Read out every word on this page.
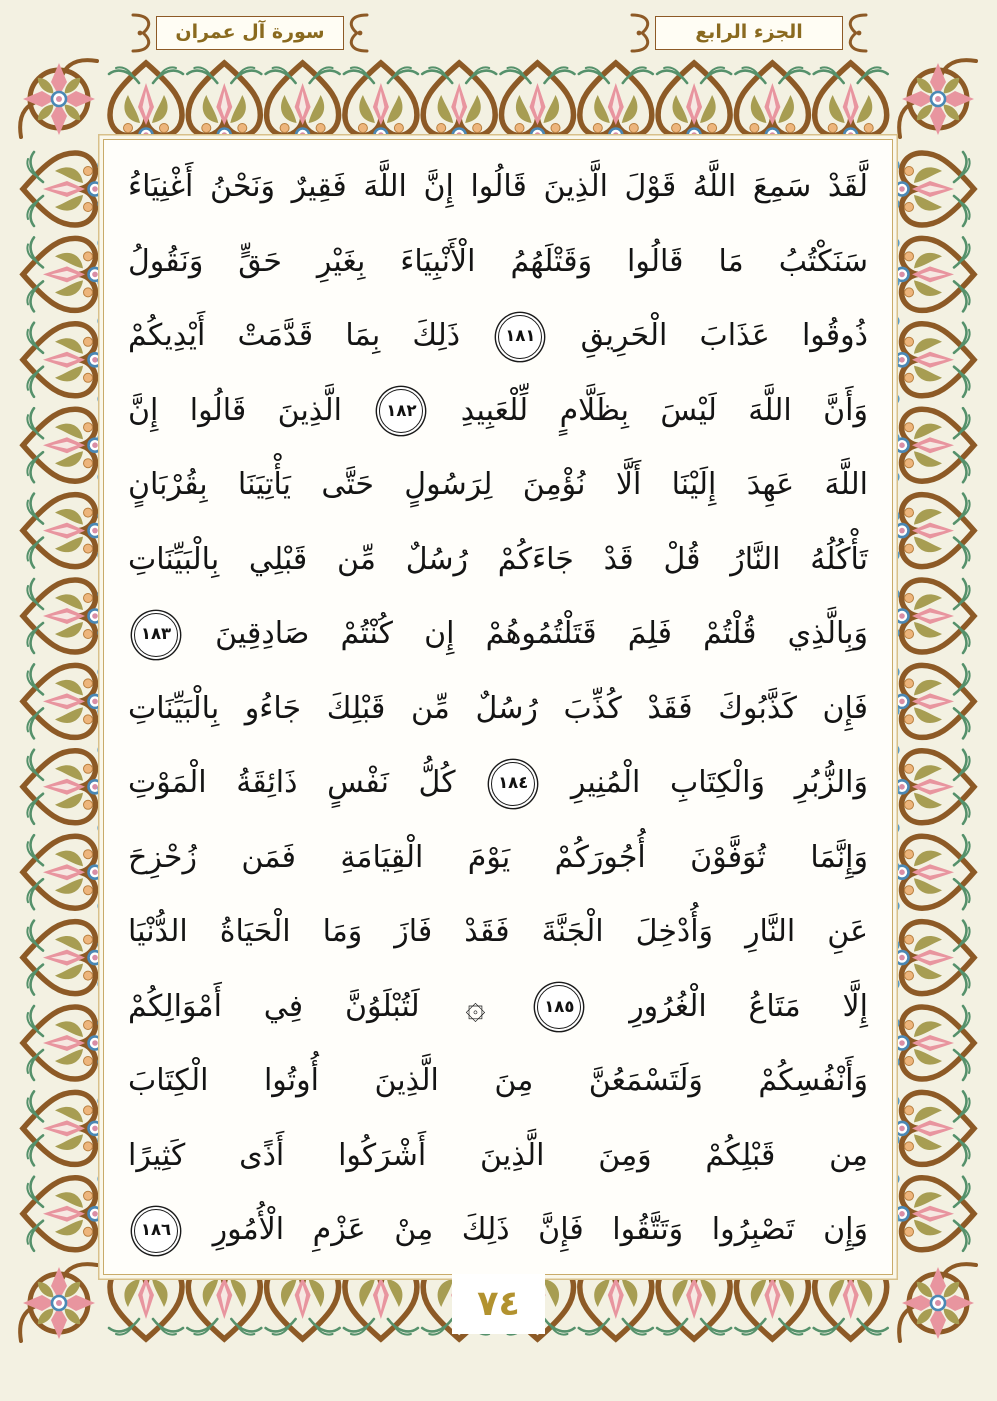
الجزء الرابع
سورة آل عمران
لَّقَدْ سَمِعَ اللَّهُ قَوْلَ الَّذِينَ قَالُوا إِنَّ اللَّهَ فَقِيرٌ وَنَحْنُ أَغْنِيَاءُ
سَنَكْتُبُ مَا قَالُوا وَقَتْلَهُمُ الْأَنْبِيَاءَ بِغَيْرِ حَقٍّ وَنَقُولُ
ذُوقُوا عَذَابَ الْحَرِيقِ
١٨١
ذَلِكَ بِمَا قَدَّمَتْ أَيْدِيكُمْ
وَأَنَّ اللَّهَ لَيْسَ بِظَلَّامٍ لِّلْعَبِيدِ
١٨٢
الَّذِينَ قَالُوا إِنَّ
اللَّهَ عَهِدَ إِلَيْنَا أَلَّا نُؤْمِنَ لِرَسُولٍ حَتَّى يَأْتِيَنَا بِقُرْبَانٍ
تَأْكُلُهُ النَّارُ قُلْ قَدْ جَاءَكُمْ رُسُلٌ مِّن قَبْلِي بِالْبَيِّنَاتِ
وَبِالَّذِي قُلْتُمْ فَلِمَ قَتَلْتُمُوهُمْ إِن كُنْتُمْ صَادِقِينَ
١٨٣
فَإِن كَذَّبُوكَ فَقَدْ كُذِّبَ رُسُلٌ مِّن قَبْلِكَ جَاءُو بِالْبَيِّنَاتِ
وَالزُّبُرِ وَالْكِتَابِ الْمُنِيرِ
١٨٤
كُلُّ نَفْسٍ ذَائِقَةُ الْمَوْتِ
وَإِنَّمَا تُوَفَّوْنَ أُجُورَكُمْ يَوْمَ الْقِيَامَةِ فَمَن زُحْزِحَ
عَنِ النَّارِ وَأُدْخِلَ الْجَنَّةَ فَقَدْ فَازَ وَمَا الْحَيَاةُ الدُّنْيَا
إِلَّا مَتَاعُ الْغُرُورِ
١٨٥
۞ لَتُبْلَوُنَّ فِي أَمْوَالِكُمْ
وَأَنْفُسِكُمْ وَلَتَسْمَعُنَّ مِنَ الَّذِينَ أُوتُوا الْكِتَابَ
مِن قَبْلِكُمْ وَمِنَ الَّذِينَ أَشْرَكُوا أَذًى كَثِيرًا
وَإِن تَصْبِرُوا وَتَتَّقُوا فَإِنَّ ذَلِكَ مِنْ عَزْمِ الْأُمُورِ
١٨٦
٧٤
